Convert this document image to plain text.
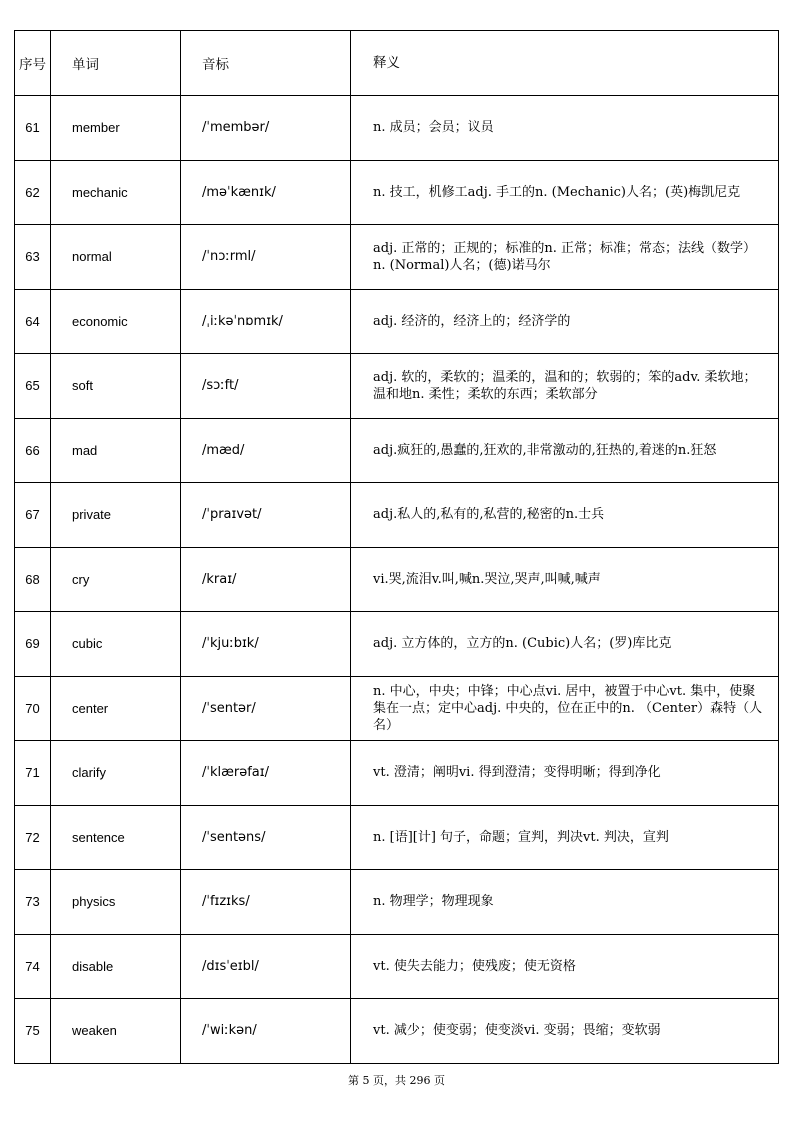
序号	单词	音标	释义
61	member	/ˈmembər/	n. 成员；会员；议员
62	mechanic	/məˈkænɪk/	n. 技工，机修工adj. 手工的n. (Mechanic)人名；(英)梅凯尼克
63	normal	/ˈnɔːrml/	adj. 正常的；正规的；标准的n. 正常；标准；常态；法线（数学）n. (Normal)人名；(德)诺马尔
64	economic	/ˌiːkəˈnɒmɪk/	adj. 经济的，经济上的；经济学的
65	soft	/sɔːft/	adj. 软的，柔软的；温柔的，温和的；软弱的；笨的adv. 柔软地；温和地n. 柔性；柔软的东西；柔软部分
66	mad	/mæd/	adj.疯狂的,愚蠢的,狂欢的,非常激动的,狂热的,着迷的n.狂怒
67	private	/ˈpraɪvət/	adj.私人的,私有的,私营的,秘密的n.士兵
68	cry	/kraɪ/	vi.哭,流泪v.叫,喊n.哭泣,哭声,叫喊,喊声
69	cubic	/ˈkjuːbɪk/	adj. 立方体的，立方的n. (Cubic)人名；(罗)库比克
70	center	/ˈsentər/	n. 中心，中央；中锋；中心点vi. 居中，被置于中心vt. 集中，使聚集在一点；定中心adj. 中央的，位在正中的n. （Center）森特（人名）
71	clarify	/ˈklærəfaɪ/	vt. 澄清；阐明vi. 得到澄清；变得明晰；得到净化
72	sentence	/ˈsentəns/	n. [语][计] 句子，命题；宣判，判决vt. 判决，宣判
73	physics	/ˈfɪzɪks/	n. 物理学；物理现象
74	disable	/dɪsˈeɪbl/	vt. 使失去能力；使残废；使无资格
75	weaken	/ˈwiːkən/	vt. 减少；使变弱；使变淡vi. 变弱；畏缩；变软弱
第 5 页，共 296 页
